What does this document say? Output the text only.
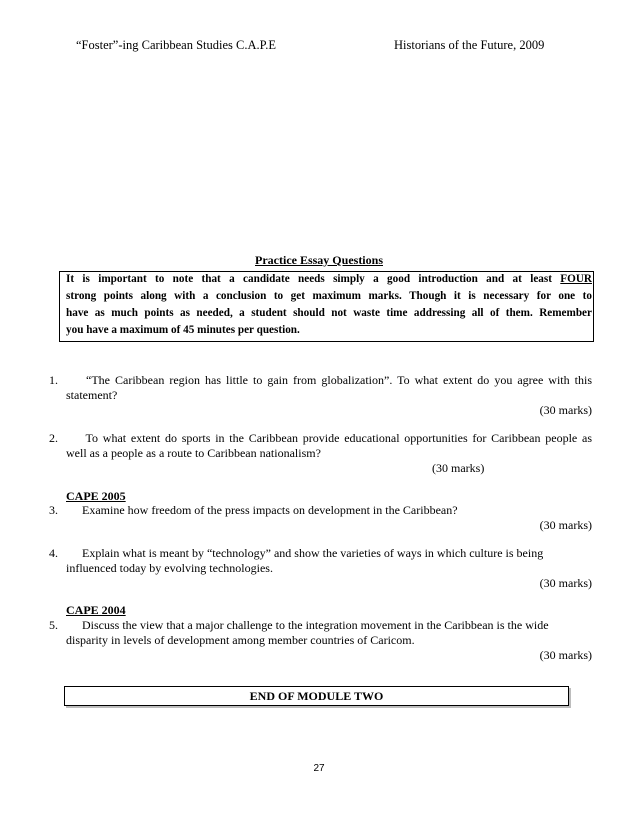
“Foster”-ing Caribbean Studies C.A.P.E	Historians of the Future, 2009
Practice Essay Questions
It is important to note that a candidate needs simply a good introduction and at least FOUR
strong points along with a conclusion to get maximum marks. Though it is necessary for one to
have as much points as needed, a student should not waste time addressing all of them. Remember
you have a maximum of 45 minutes per question.
1.	“The Caribbean region has little to gain from globalization”. To what extent do you agree with this
statement?
(30 marks)
2.	To what extent do sports in the Caribbean provide educational opportunities for Caribbean people as
well as a people as a route to Caribbean nationalism?
(30 marks)
CAPE 2005
3.	Examine how freedom of the press impacts on development in the Caribbean?
(30 marks)
4.	Explain what is meant by “technology” and show the varieties of ways in which culture is being
influenced today by evolving technologies.
(30 marks)
CAPE 2004
5.	Discuss the view that a major challenge to the integration movement in the Caribbean is the wide
disparity in levels of development among member countries of Caricom.
(30 marks)
END OF MODULE TWO
27
